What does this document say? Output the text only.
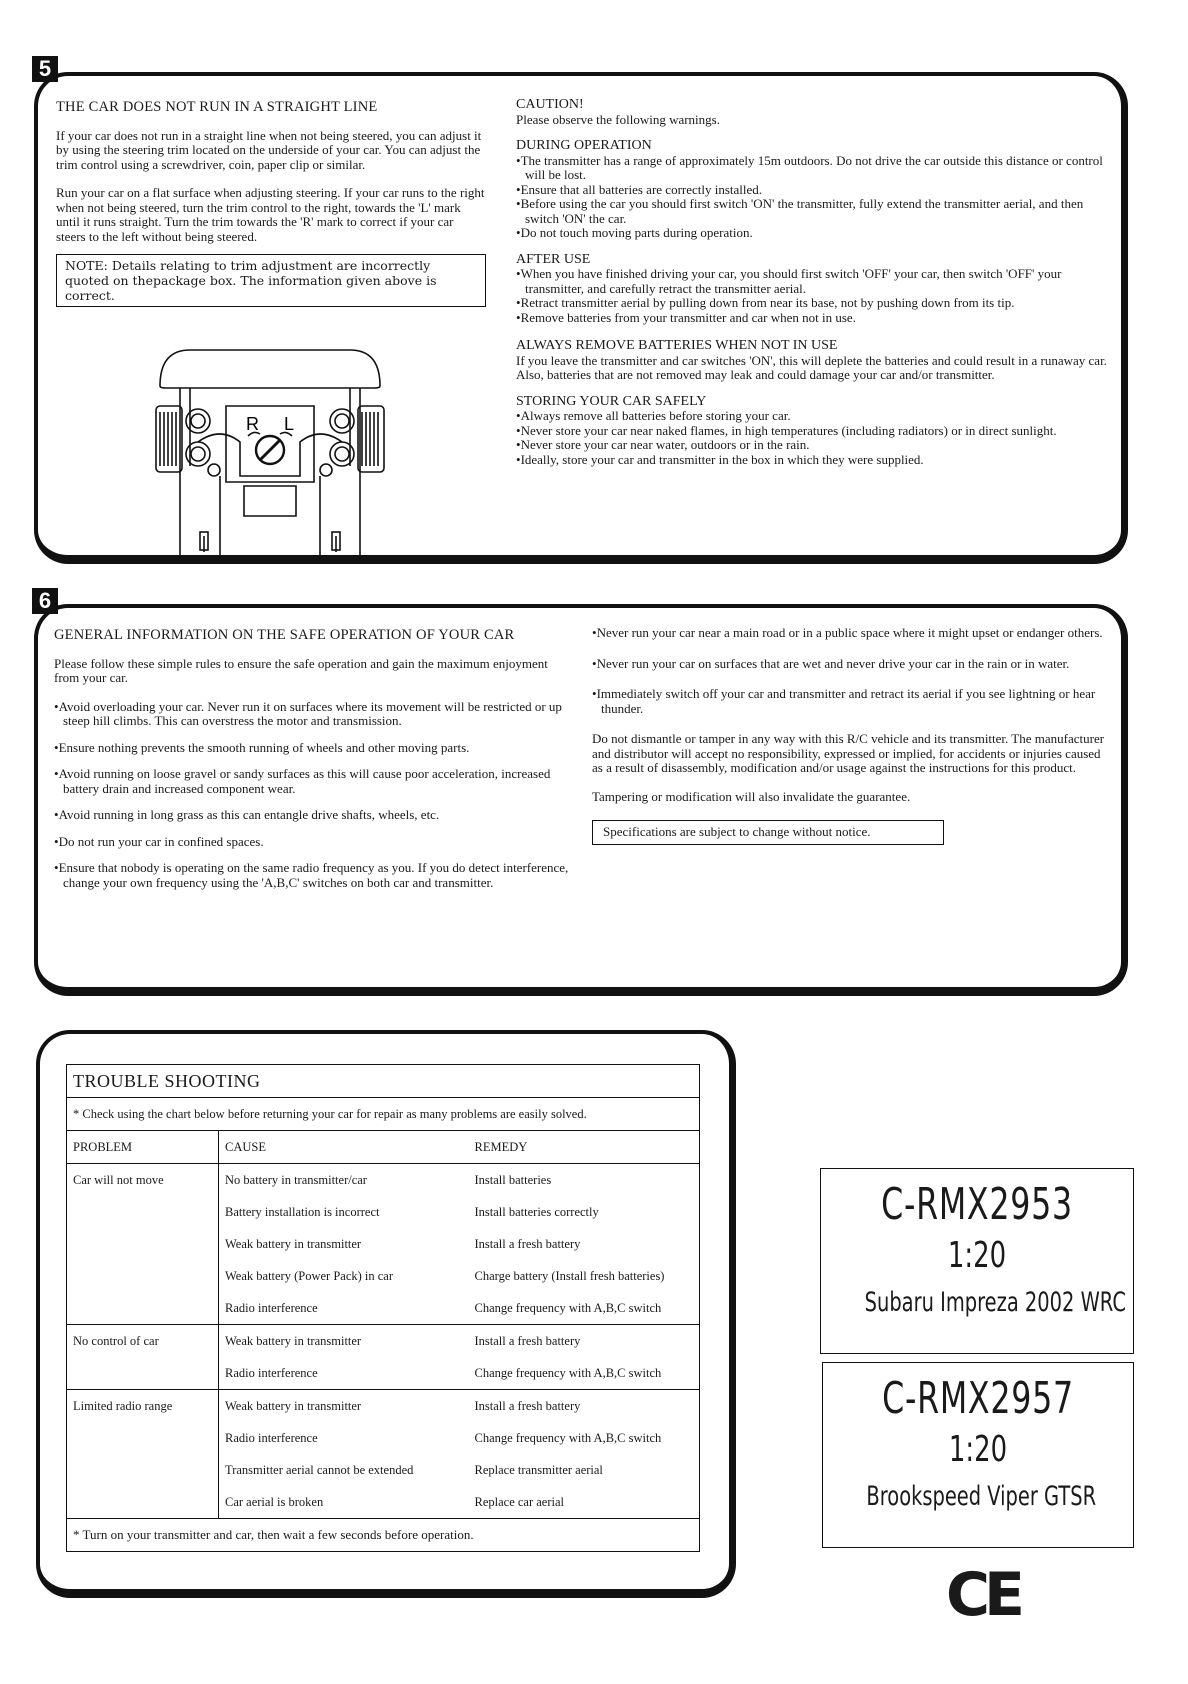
5
THE CAR DOES NOT RUN IN A STRAIGHT LINE

If your car does not run in a straight line when not being steered, you can adjust it by using the steering trim located on the underside of your car. You can adjust the trim control using a screwdriver, coin, paper clip or similar.

Run your car on a flat surface when adjusting steering. If your car runs to the right when not being steered, turn the trim control to the right, towards the 'L' mark until it runs straight. Turn the trim towards the 'R' mark to correct if your car steers to the left without being steered.

NOTE: Details relating to trim adjustment are incorrectly quoted on thepackage box. The information given above is correct.
R L
CAUTION!

Please observe the following warnings.

DURING OPERATION
• The transmitter has a range of approximately 15m outdoors. Do not drive the car outside this distance or control will be lost.
• Ensure that all batteries are correctly installed.
• Before using the car you should first switch 'ON' the transmitter, fully extend the transmitter aerial, and then switch 'ON' the car.
• Do not touch moving parts during operation.
AFTER USE
• When you have finished driving your car, you should first switch 'OFF' your car, then switch 'OFF' your transmitter, and carefully retract the transmitter aerial.
• Retract transmitter aerial by pulling down from near its base, not by pushing down from its tip.
• Remove batteries from your transmitter and car when not in use.
ALWAYS REMOVE BATTERIES WHEN NOT IN USE

If you leave the transmitter and car switches 'ON', this will deplete the batteries and could result in a runaway car. Also, batteries that are not removed may leak and could damage your car and/or transmitter.

STORING YOUR CAR SAFELY
• Always remove all batteries before storing your car.
• Never store your car near naked flames, in high temperatures (including radiators) or in direct sunlight.
• Never store your car near water, outdoors or in the rain.
• Ideally, store your car and transmitter in the box in which they were supplied.
6
GENERAL INFORMATION ON THE SAFE OPERATION OF YOUR CAR

Please follow these simple rules to ensure the safe operation and gain the maximum enjoyment from your car.

• Avoid overloading your car. Never run it on surfaces where its movement will be restricted or up steep hill climbs. This can overstress the motor and transmission.
• Ensure nothing prevents the smooth running of wheels and other moving parts.
• Avoid running on loose gravel or sandy surfaces as this will cause poor acceleration, increased battery drain and increased component wear.
• Avoid running in long grass as this can entangle drive shafts, wheels, etc.
• Do not run your car in confined spaces.
• Ensure that nobody is operating on the same radio frequency as you. If you do detect interference, change your own frequency using the 'A,B,C' switches on both car and transmitter.
• Never run your car near a main road or in a public space where it might upset or endanger others.
• Never run your car on surfaces that are wet and never drive your car in the rain or in water.
• Immediately switch off your car and transmitter and retract its aerial if you see lightning or hear thunder.

Do not dismantle or tamper in any way with this R/C vehicle and its transmitter. The manufacturer and distributor will accept no responsibility, expressed or implied, for accidents or injuries caused as a result of disassembly, modification and/or usage against the instructions for this product.

Tampering or modification will also invalidate the guarantee.

Specifications are subject to change without notice.
TROUBLE SHOOTING		
* Check using the chart below before returning your car for repair as many problems are easily solved.		
PROBLEM	CAUSE	REMEDY
Car will not move	No battery in transmitter/car	Install batteries
	Battery installation is incorrect	Install batteries correctly
	Weak battery in transmitter	Install a fresh battery
	Weak battery (Power Pack) in car	Charge battery (Install fresh batteries)
	Radio interference	Change frequency with A,B,C switch
No control of car	Weak battery in transmitter	Install a fresh battery
	Radio interference	Change frequency with A,B,C switch
Limited radio range	Weak battery in transmitter	Install a fresh battery
	Radio interference	Change frequency with A,B,C switch
	Transmitter aerial cannot be extended	Replace transmitter aerial
	Car aerial is broken	Replace car aerial
* Turn on your transmitter and car, then wait a few seconds before operation.		
C-RMX2953
1:20
Subaru Impreza 2002 WRC
C-RMX2957
1:20
Brookspeed Viper GTSR
CE
